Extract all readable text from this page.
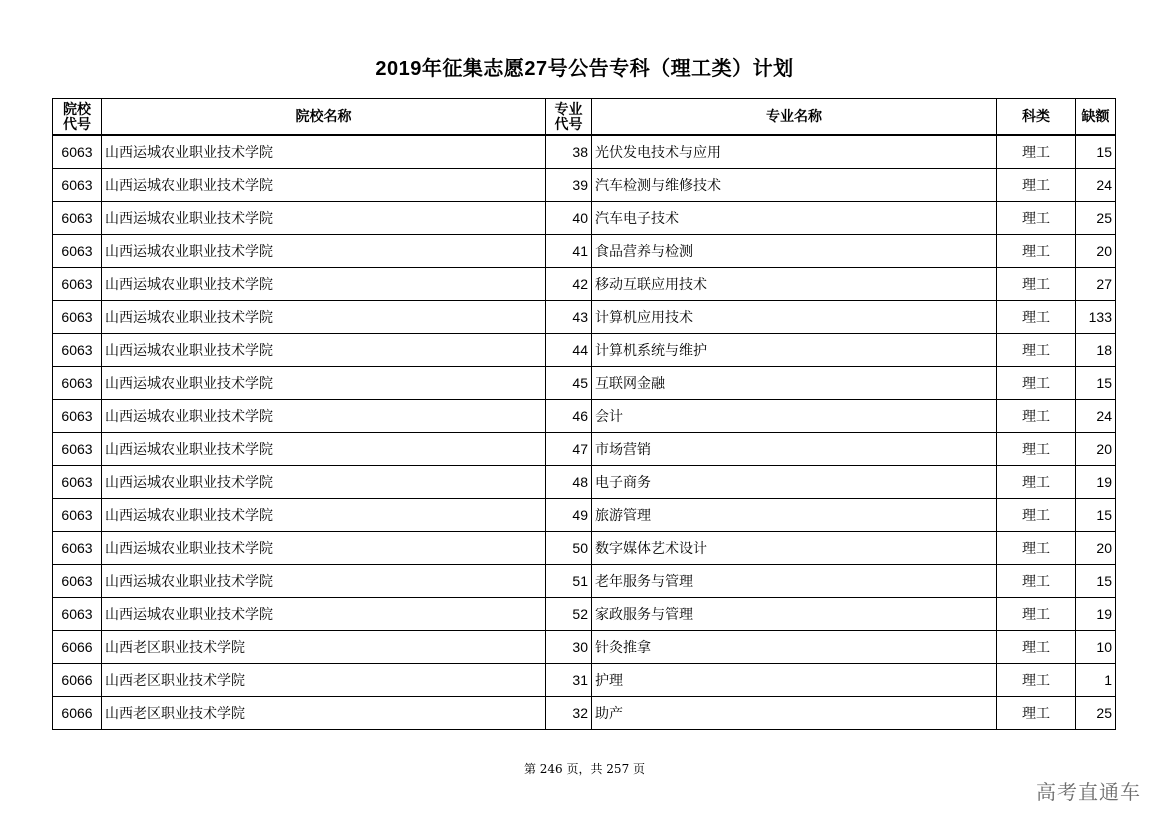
2019年征集志愿27号公告专科（理工类）计划
院校代号	院校名称	专业代号	专业名称	科类	缺额
6063	山西运城农业职业技术学院	38	光伏发电技术与应用	理工	15
6063	山西运城农业职业技术学院	39	汽车检测与维修技术	理工	24
6063	山西运城农业职业技术学院	40	汽车电子技术	理工	25
6063	山西运城农业职业技术学院	41	食品营养与检测	理工	20
6063	山西运城农业职业技术学院	42	移动互联应用技术	理工	27
6063	山西运城农业职业技术学院	43	计算机应用技术	理工	133
6063	山西运城农业职业技术学院	44	计算机系统与维护	理工	18
6063	山西运城农业职业技术学院	45	互联网金融	理工	15
6063	山西运城农业职业技术学院	46	会计	理工	24
6063	山西运城农业职业技术学院	47	市场营销	理工	20
6063	山西运城农业职业技术学院	48	电子商务	理工	19
6063	山西运城农业职业技术学院	49	旅游管理	理工	15
6063	山西运城农业职业技术学院	50	数字媒体艺术设计	理工	20
6063	山西运城农业职业技术学院	51	老年服务与管理	理工	15
6063	山西运城农业职业技术学院	52	家政服务与管理	理工	19
6066	山西老区职业技术学院	30	针灸推拿	理工	10
6066	山西老区职业技术学院	31	护理	理工	1
6066	山西老区职业技术学院	32	助产	理工	25
第 246 页，共 257 页
高考直通车
